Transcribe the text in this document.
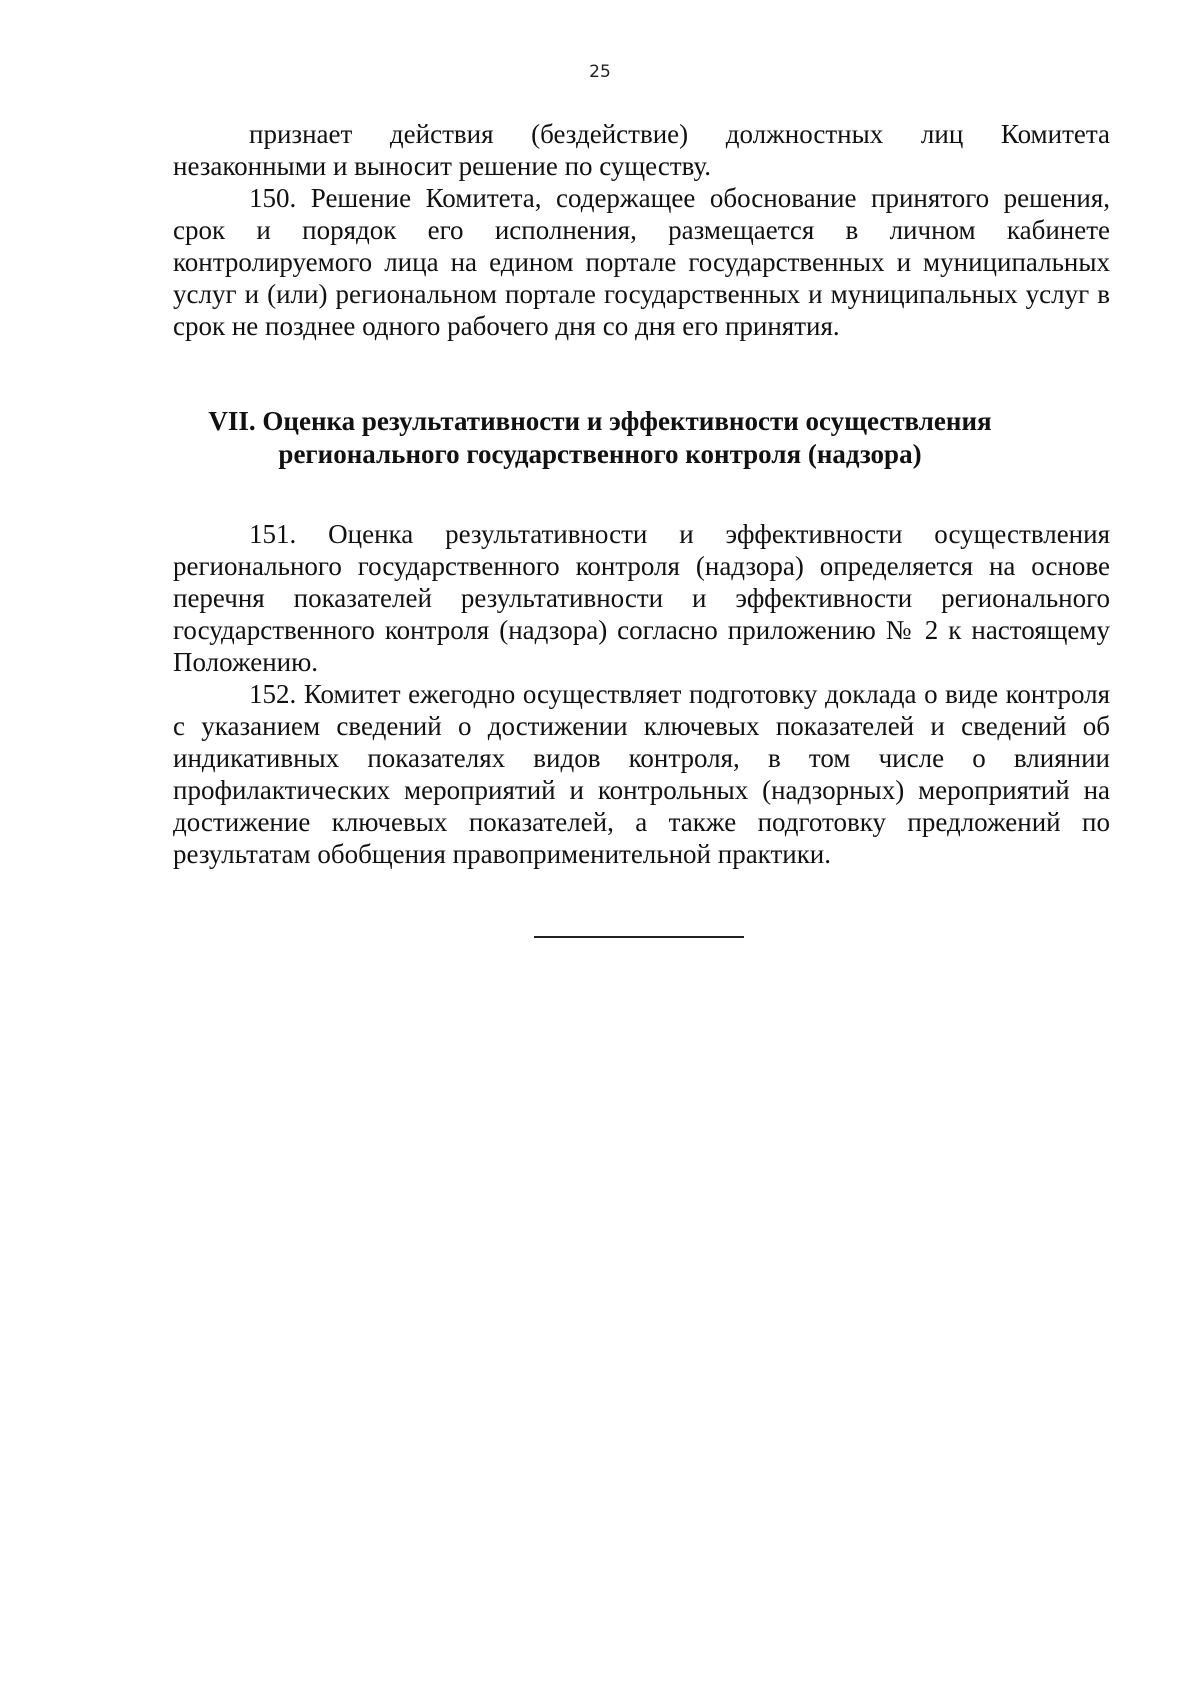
25

признает действия (бездействие) должностных лиц Комитета незаконными и выносит решение по существу.

150. Решение Комитета, содержащее обоснование принятого решения, срок и порядок его исполнения, размещается в личном кабинете контролируемого лица на едином портале государственных и муниципальных услуг и (или) региональном портале государственных и муниципальных услуг в срок не позднее одного рабочего дня со дня его принятия.

VII. Оценка результативности и эффективности осуществления
регионального государственного контроля (надзора)

151. Оценка результативности и эффективности осуществления регионального государственного контроля (надзора) определяется на основе перечня показателей результативности и эффективности регионального государственного контроля (надзора) согласно приложению № 2 к настоящему Положению.

152. Комитет ежегодно осуществляет подготовку доклада о виде контроля с указанием сведений о достижении ключевых показателей и сведений об индикативных показателях видов контроля, в том числе о влиянии профилактических мероприятий и контрольных (надзорных) мероприятий на достижение ключевых показателей, а также подготовку предложений по результатам обобщения правоприменительной практики.
